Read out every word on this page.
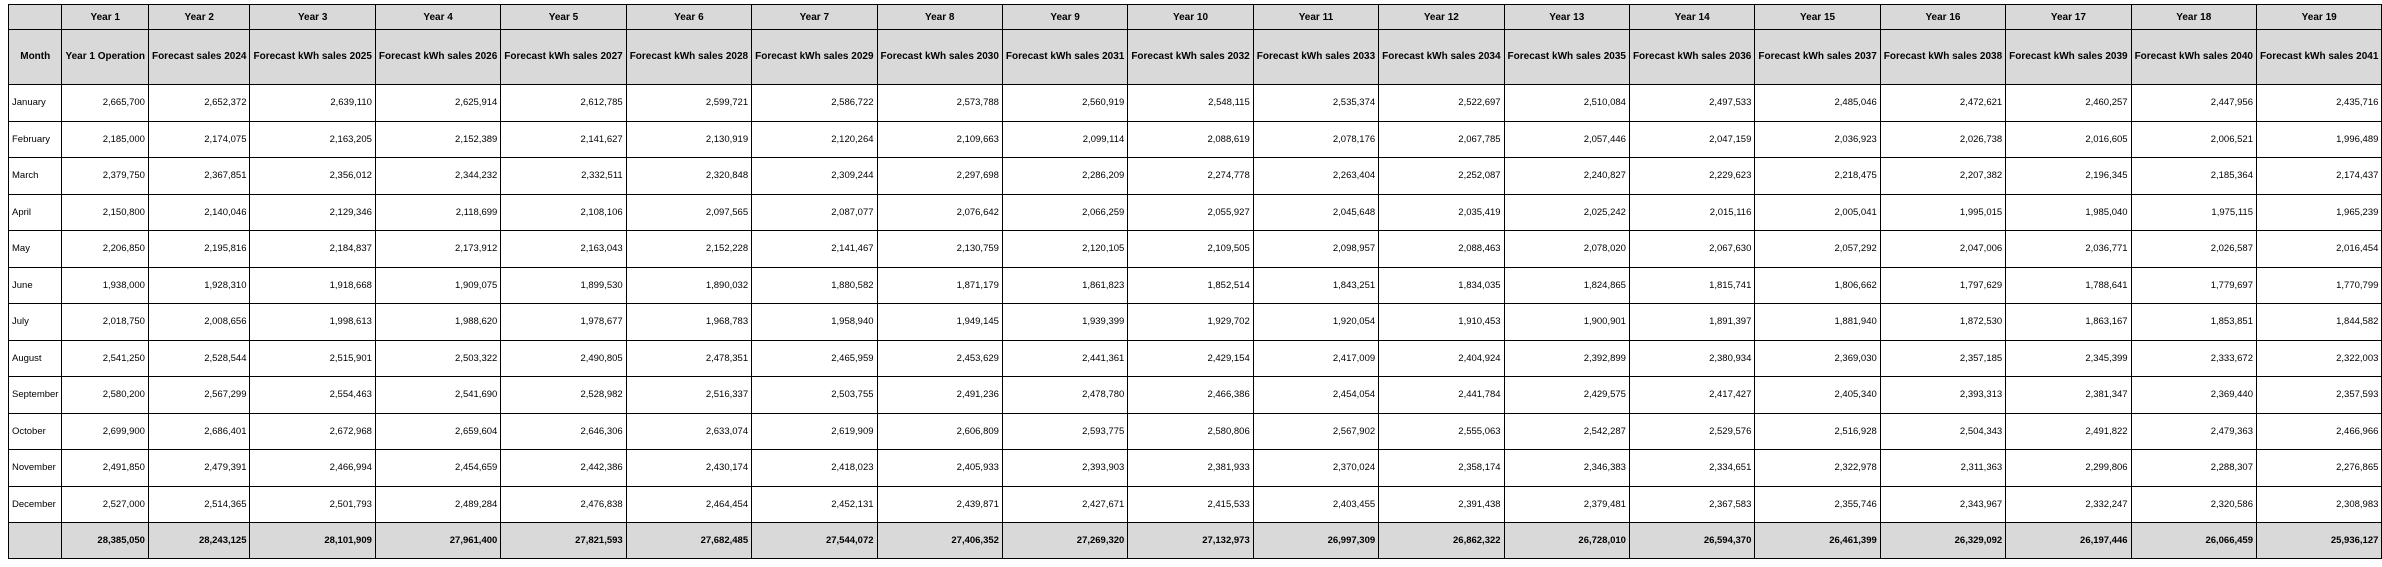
	Year 1	Year 2	Year 3	Year 4	Year 5	Year 6	Year 7	Year 8	Year 9	Year 10	Year 11	Year 12	Year 13	Year 14	Year 15	Year 16	Year 17	Year 18	Year 19
Month	Year 1 Operation	Forecast sales 2024	Forecast kWh sales 2025	Forecast kWh sales 2026	Forecast kWh sales 2027	Forecast kWh sales 2028	Forecast kWh sales 2029	Forecast kWh sales 2030	Forecast kWh sales 2031	Forecast kWh sales 2032	Forecast kWh sales 2033	Forecast kWh sales 2034	Forecast kWh sales 2035	Forecast kWh sales 2036	Forecast kWh sales 2037	Forecast kWh sales 2038	Forecast kWh sales 2039	Forecast kWh sales 2040	Forecast kWh sales 2041
January	2,665,700	2,652,372	2,639,110	2,625,914	2,612,785	2,599,721	2,586,722	2,573,788	2,560,919	2,548,115	2,535,374	2,522,697	2,510,084	2,497,533	2,485,046	2,472,621	2,460,257	2,447,956	2,435,716
February	2,185,000	2,174,075	2,163,205	2,152,389	2,141,627	2,130,919	2,120,264	2,109,663	2,099,114	2,088,619	2,078,176	2,067,785	2,057,446	2,047,159	2,036,923	2,026,738	2,016,605	2,006,521	1,996,489
March	2,379,750	2,367,851	2,356,012	2,344,232	2,332,511	2,320,848	2,309,244	2,297,698	2,286,209	2,274,778	2,263,404	2,252,087	2,240,827	2,229,623	2,218,475	2,207,382	2,196,345	2,185,364	2,174,437
April	2,150,800	2,140,046	2,129,346	2,118,699	2,108,106	2,097,565	2,087,077	2,076,642	2,066,259	2,055,927	2,045,648	2,035,419	2,025,242	2,015,116	2,005,041	1,995,015	1,985,040	1,975,115	1,965,239
May	2,206,850	2,195,816	2,184,837	2,173,912	2,163,043	2,152,228	2,141,467	2,130,759	2,120,105	2,109,505	2,098,957	2,088,463	2,078,020	2,067,630	2,057,292	2,047,006	2,036,771	2,026,587	2,016,454
June	1,938,000	1,928,310	1,918,668	1,909,075	1,899,530	1,890,032	1,880,582	1,871,179	1,861,823	1,852,514	1,843,251	1,834,035	1,824,865	1,815,741	1,806,662	1,797,629	1,788,641	1,779,697	1,770,799
July	2,018,750	2,008,656	1,998,613	1,988,620	1,978,677	1,968,783	1,958,940	1,949,145	1,939,399	1,929,702	1,920,054	1,910,453	1,900,901	1,891,397	1,881,940	1,872,530	1,863,167	1,853,851	1,844,582
August	2,541,250	2,528,544	2,515,901	2,503,322	2,490,805	2,478,351	2,465,959	2,453,629	2,441,361	2,429,154	2,417,009	2,404,924	2,392,899	2,380,934	2,369,030	2,357,185	2,345,399	2,333,672	2,322,003
September	2,580,200	2,567,299	2,554,463	2,541,690	2,528,982	2,516,337	2,503,755	2,491,236	2,478,780	2,466,386	2,454,054	2,441,784	2,429,575	2,417,427	2,405,340	2,393,313	2,381,347	2,369,440	2,357,593
October	2,699,900	2,686,401	2,672,968	2,659,604	2,646,306	2,633,074	2,619,909	2,606,809	2,593,775	2,580,806	2,567,902	2,555,063	2,542,287	2,529,576	2,516,928	2,504,343	2,491,822	2,479,363	2,466,966
November	2,491,850	2,479,391	2,466,994	2,454,659	2,442,386	2,430,174	2,418,023	2,405,933	2,393,903	2,381,933	2,370,024	2,358,174	2,346,383	2,334,651	2,322,978	2,311,363	2,299,806	2,288,307	2,276,865
December	2,527,000	2,514,365	2,501,793	2,489,284	2,476,838	2,464,454	2,452,131	2,439,871	2,427,671	2,415,533	2,403,455	2,391,438	2,379,481	2,367,583	2,355,746	2,343,967	2,332,247	2,320,586	2,308,983
	28,385,050	28,243,125	28,101,909	27,961,400	27,821,593	27,682,485	27,544,072	27,406,352	27,269,320	27,132,973	26,997,309	26,862,322	26,728,010	26,594,370	26,461,399	26,329,092	26,197,446	26,066,459	25,936,127
